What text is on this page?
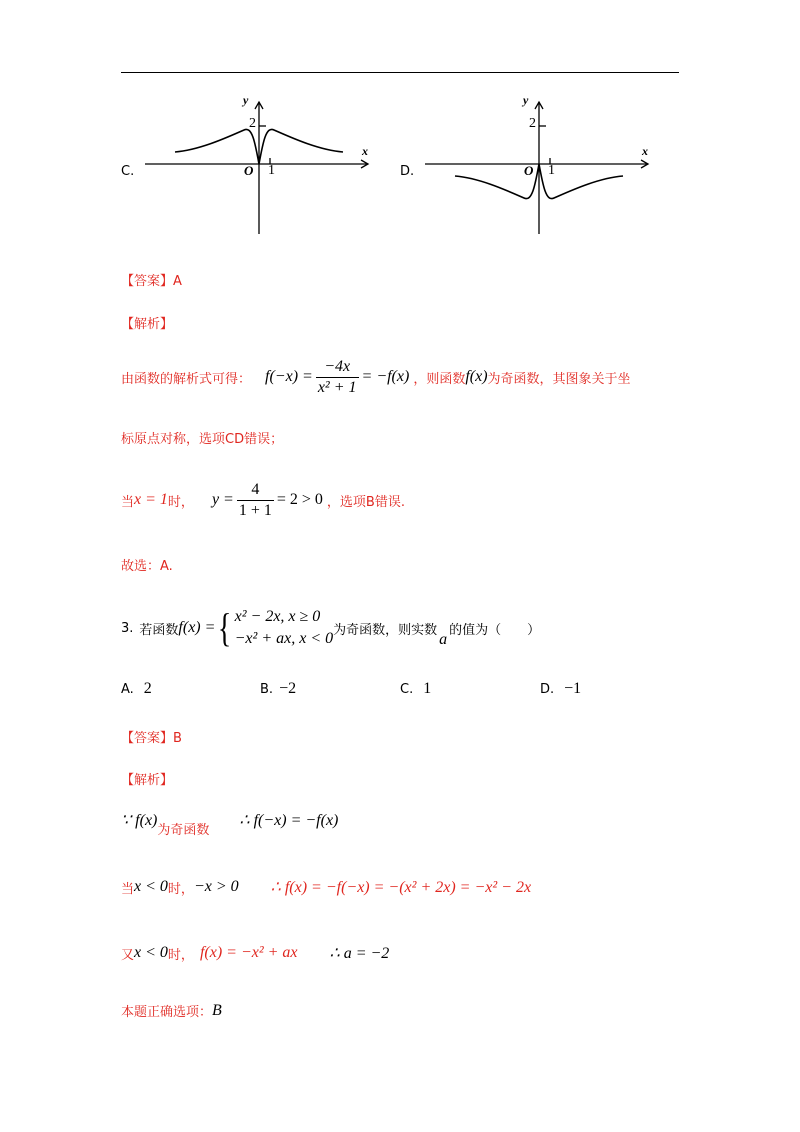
C.
x
y
2
O 1	D.
x
y
2
O 1
【答案】A
【解析】
由函数的解析式可得： $f(-x) = \frac{-4x}{\text{x² + 1}} = -f(x)$ ，则函数 f(x) 为奇函数，其图象关于坐
标原点对称，选项CD错误；
当 x = 1 时， $y = \frac{4}{1 + 1} = 2 > 0$ ，选项B错误.
故选：A.
3. 若函数 f(x) = { x² − 2x, x ≥ 0
−x² + ax, x < 0 为奇函数，则实数
a
的值为（　　）
A. 2	B. −2	C. 1	D. −1
【答案】B
【解析】
∵ f(x)
为奇函数
∴ f(−x) = −f(x)
当 x < 0 时， −x > 0 ∴ f(x) = −f(−x) = −(x² + 2x) = −x² − 2x
又 x < 0 时， f(x) = −x² + ax ∴ a = −2
本题正确选项： B
